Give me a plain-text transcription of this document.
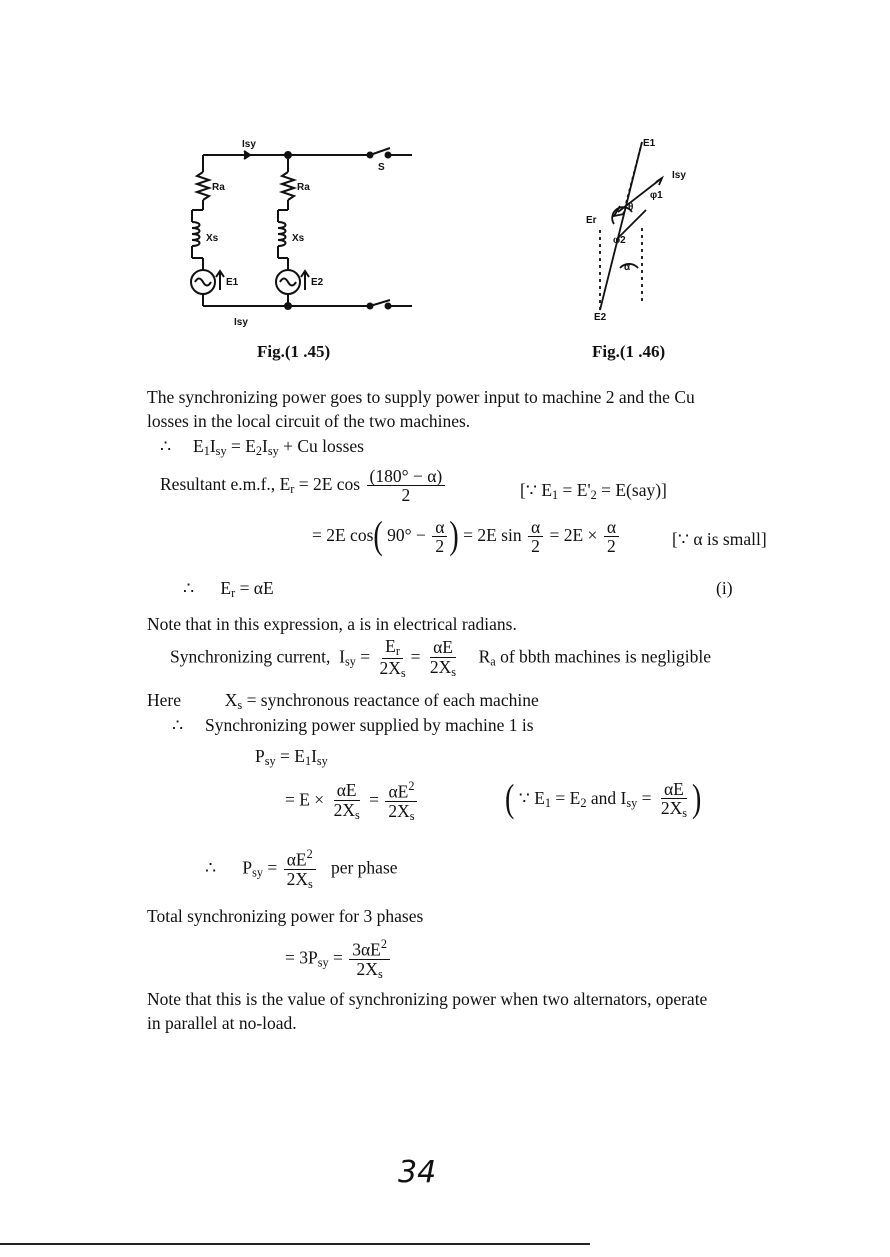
Isy
S
Ra	Ra
Xs	Xs
E1	E2
Isy
Fig.(1 .45)
E1
Isy
Er
φ1
θ
φ2
α
E2
Fig.(1 .46)
The synchronizing power goes to supply power input to machine 2 and the Cu
losses in the local circuit of the two machines.
∴ $E_1I_{sy} = E_2I_{sy} + Cu$ losses
Resultant e.m.f., $E_r = 2E$ $\cos \frac{(180^\circ - \alpha)}{2}$	[∵ $E_1 = E'_2 = E(say)$]
= 2E cos( $90^\circ - \frac{\alpha}{2}$ ) = 2E $\sin \frac{\alpha}{2} = 2E \times \frac{\alpha}{2}$	[∵ α is small]
∴ $E_r = \alpha E$	(i)
Note that in this expression, a is in electrical radians.
Synchronizing current, $I_{sy} = \frac{E_r}{2X_s} = \frac{\alpha E}{2X_s} R_a$ of bbth machines is negligible
Here	$X_s$ = synchronous reactance of each machine
∴ Synchronizing power supplied by machine 1 is
$P_{sy} = E_1I_{sy}$
= $E \times \frac{\alpha E}{2X_s} = \frac{\alpha E^2}{2X_s}$	( ∵ $E_1 = E_2$ and $I_{sy} = \frac{\alpha E}{2X_s}$ )
∴ $P_{sy} = \frac{\alpha E^2}{2X_s}$ per phase
Total synchronizing power for 3 phases
= $3P_{sy} = \frac{3\alpha E^2}{2X_s}$
Note that this is the value of synchronizing power when two alternators, operate
in parallel at no-load.
34
